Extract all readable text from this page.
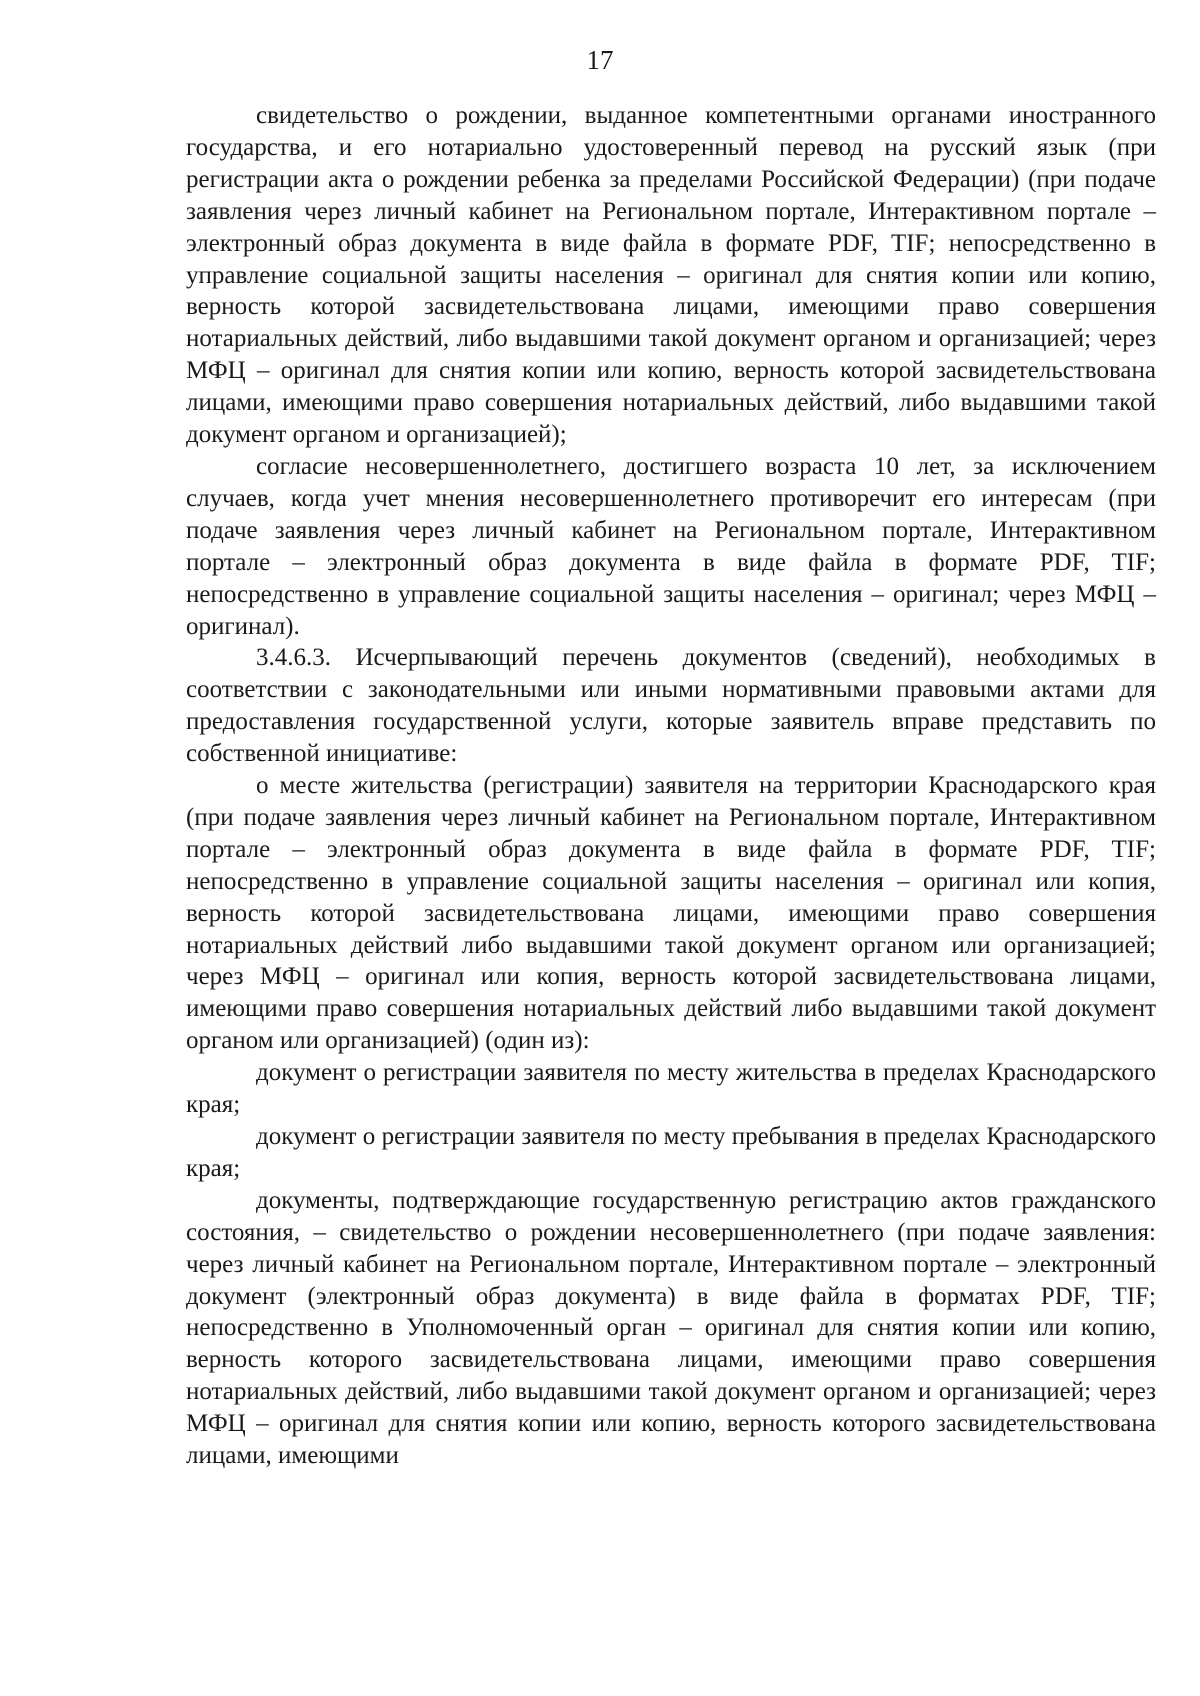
17

свидетельство о рождении, выданное компетентными органами иностранного государства, и его нотариально удостоверенный перевод на русский язык (при регистрации акта о рождении ребенка за пределами Российской Федерации) (при подаче заявления через личный кабинет на Региональном портале, Интерактивном портале – электронный образ документа в виде файла в формате PDF, TIF; непосредственно в управление социальной защиты населения – оригинал для снятия копии или копию, верность которой засвидетельствована лицами, имеющими право совершения нотариальных действий, либо выдавшими такой документ органом и организацией; через МФЦ – оригинал для снятия копии или копию, верность которой засвидетельствована лицами, имеющими право совершения нотариальных действий, либо выдавшими такой документ органом и организацией);

согласие несовершеннолетнего, достигшего возраста 10 лет, за исключением случаев, когда учет мнения несовершеннолетнего противоречит его интересам (при подаче заявления через личный кабинет на Региональном портале, Интерактивном портале – электронный образ документа в виде файла в формате PDF, TIF; непосредственно в управление социальной защиты населения – оригинал; через МФЦ – оригинал).

3.4.6.3. Исчерпывающий перечень документов (сведений), необходимых в соответствии с законодательными или иными нормативными правовыми актами для предоставления государственной услуги, которые заявитель вправе представить по собственной инициативе:

о месте жительства (регистрации) заявителя на территории Краснодарского края (при подаче заявления через личный кабинет на Региональном портале, Интерактивном портале – электронный образ документа в виде файла в формате PDF, TIF; непосредственно в управление социальной защиты населения – оригинал или копия, верность которой засвидетельствована лицами, имеющими право совершения нотариальных действий либо выдавшими такой документ органом или организацией; через МФЦ – оригинал или копия, верность которой засвидетельствована лицами, имеющими право совершения нотариальных действий либо выдавшими такой документ органом или организацией) (один из):

документ о регистрации заявителя по месту жительства в пределах Краснодарского края;

документ о регистрации заявителя по месту пребывания в пределах Краснодарского края;

документы, подтверждающие государственную регистрацию актов гражданского состояния, – свидетельство о рождении несовершеннолетнего (при подаче заявления: через личный кабинет на Региональном портале, Интерактивном портале – электронный документ (электронный образ документа) в виде файла в форматах PDF, TIF; непосредственно в Уполномоченный орган – оригинал для снятия копии или копию, верность которого засвидетельствована лицами, имеющими право совершения нотариальных действий, либо выдавшими такой документ органом и организацией; через МФЦ – оригинал для снятия копии или копию, верность которого засвидетельствована лицами, имеющими
